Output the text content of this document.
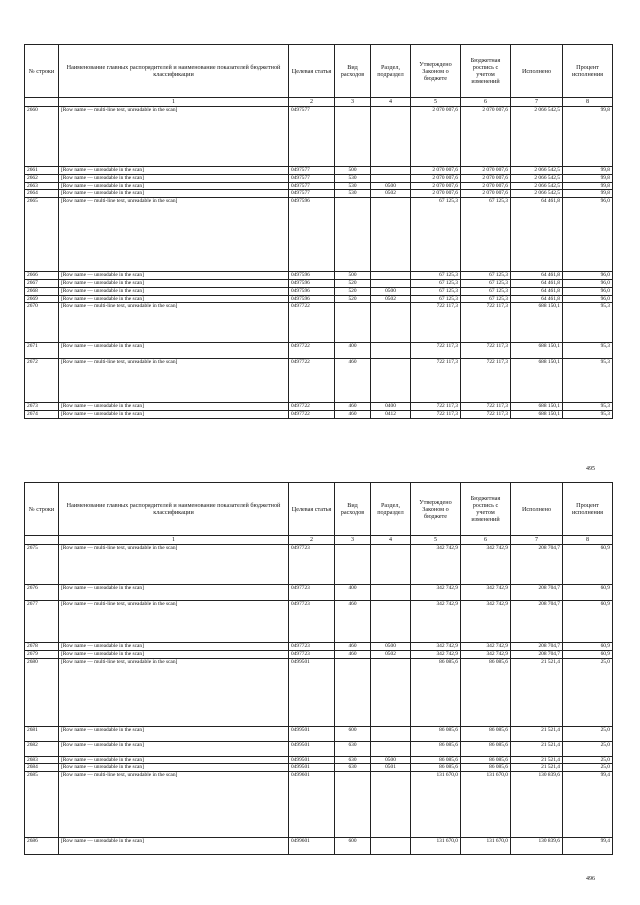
№ строки	Наименование главных распорядителей и наименование показателей бюджетной классификации	Целевая статья	Вид расходов	Раздел, подраздел	Утверждено Законом о бюджете	Бюджетная роспись с учетом изменений	Исполнено	Процент исполнения
	1	2	3	4	5	6	7	8
2660	[Row name — multi-line text, unreadable in the scan]	0497577			2 070 007,6	2 070 007,6	2 066 542,5	99,8
2661	[Row name — unreadable in the scan]	0497577	500		2 070 007,6	2 070 007,6	2 066 542,5	99,8
2662	[Row name — unreadable in the scan]	0497577	530		2 070 007,6	2 070 007,6	2 066 542,5	99,8
2663	[Row name — unreadable in the scan]	0497577	530	0500	2 070 007,6	2 070 007,6	2 066 542,5	99,8
2664	[Row name — unreadable in the scan]	0497577	530	0502	2 070 007,6	2 070 007,6	2 066 542,5	99,8
2665	[Row name — multi-line text, unreadable in the scan]	0497596			67 125,3	67 125,3	64 461,8	96,0
2666	[Row name — unreadable in the scan]	0497596	500		67 125,3	67 125,3	64 461,8	96,0
2667	[Row name — unreadable in the scan]	0497596	520		67 125,3	67 125,3	64 461,8	96,0
2668	[Row name — unreadable in the scan]	0497596	520	0500	67 125,3	67 125,3	64 461,8	96,0
2669	[Row name — unreadable in the scan]	0497596	520	0502	67 125,3	67 125,3	64 461,8	96,0
2670	[Row name — multi-line text, unreadable in the scan]	0497722			722 117,3	722 117,3	688 150,1	95,3
2671	[Row name — unreadable in the scan]	0497722	400		722 117,3	722 117,3	688 150,1	95,3
2672	[Row name — multi-line text, unreadable in the scan]	0497722	460		722 117,3	722 117,3	688 150,1	95,3
2673	[Row name — unreadable in the scan]	0497722	460	0400	722 117,3	722 117,3	688 150,1	95,3
2674	[Row name — unreadable in the scan]	0497722	460	0412	722 117,3	722 117,3	688 150,1	95,3
495
№ строки	Наименование главных распорядителей и наименование показателей бюджетной классификации	Целевая статья	Вид расходов	Раздел, подраздел	Утверждено Законом о бюджете	Бюджетная роспись с учетом изменений	Исполнено	Процент исполнения
	1	2	3	4	5	6	7	8
2675	[Row name — multi-line text, unreadable in the scan]	0497723			342 742,9	342 742,9	208 704,7	60,9
2676	[Row name — unreadable in the scan]	0497723	400		342 742,9	342 742,9	208 704,7	60,9
2677	[Row name — multi-line text, unreadable in the scan]	0497723	460		342 742,9	342 742,9	208 704,7	60,9
2678	[Row name — unreadable in the scan]	0497723	460	0500	342 742,9	342 742,9	208 704,7	60,9
2679	[Row name — unreadable in the scan]	0497723	460	0502	342 742,9	342 742,9	208 704,7	60,9
2680	[Row name — multi-line text, unreadable in the scan]	0499501			86 085,6	86 085,6	21 521,4	25,0
2681	[Row name — unreadable in the scan]	0499501	600		86 085,6	86 085,6	21 521,4	25,0
2682	[Row name — unreadable in the scan]	0499501	630		86 085,6	86 085,6	21 521,4	25,0
2683	[Row name — unreadable in the scan]	0499501	630	0500	86 085,6	86 085,6	21 521,4	25,0
2684	[Row name — unreadable in the scan]	0499501	630	0501	86 085,6	86 085,6	21 521,4	25,0
2685	[Row name — multi-line text, unreadable in the scan]	0499601			131 670,0	131 670,0	130 839,6	99,4
2686	[Row name — unreadable in the scan]	0499601	600		131 670,0	131 670,0	130 839,6	99,4
496
